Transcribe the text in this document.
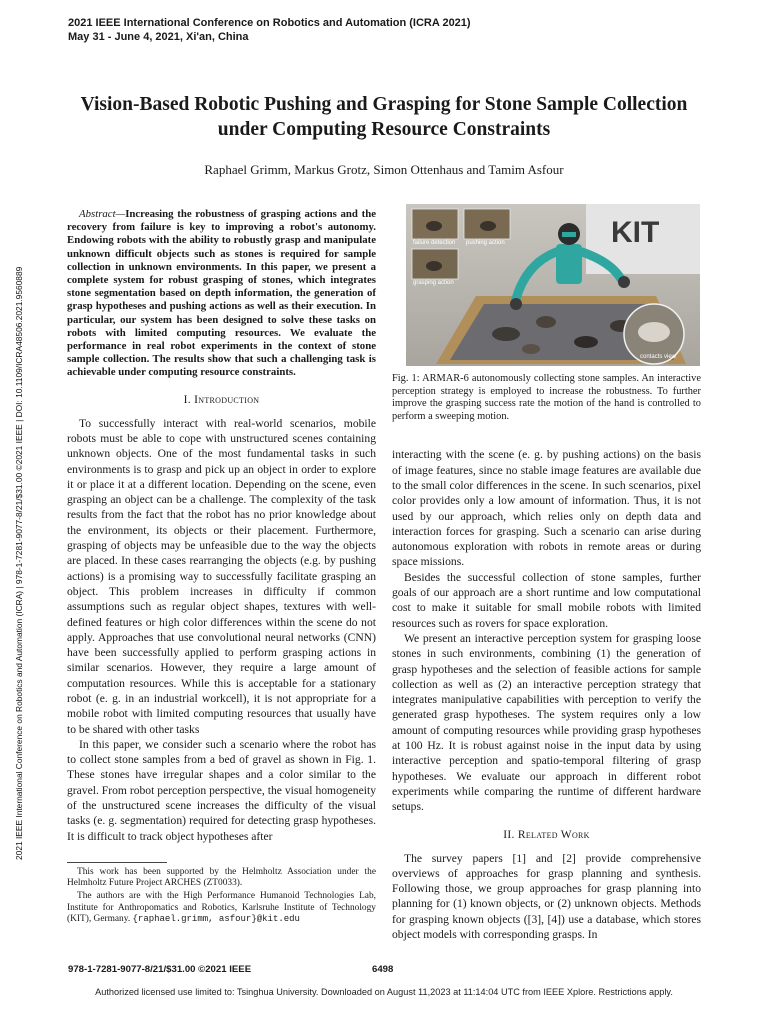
2021 IEEE International Conference on Robotics and Automation (ICRA 2021)
May 31 - June 4, 2021, Xi'an, China
2021 IEEE International Conference on Robotics and Automation (ICRA) | 978-1-7281-9077-8/21/$31.00 ©2021 IEEE | DOI: 10.1109/ICRA48506.2021.9560889
Vision-Based Robotic Pushing and Grasping for Stone Sample Collection under Computing Resource Constraints
Raphael Grimm, Markus Grotz, Simon Ottenhaus and Tamim Asfour

Abstract—Increasing the robustness of grasping actions and the recovery from failure is key to improving a robot's autonomy. Endowing robots with the ability to robustly grasp and manipulate unknown difficult objects such as stones is required for sample collection in unknown environments. In this paper, we present a complete system for robust grasping of stones, which integrates stone segmentation based on depth information, the generation of grasp hypotheses and pushing actions as well as their execution. In particular, our system has been designed to solve these tasks on robots with limited computing resources. We evaluate the performance in real robot experiments in the context of stone sample collection. The results show that such a challenging task is achievable under computing resource constraints.

I. Introduction

To successfully interact with real-world scenarios, mobile robots must be able to cope with unstructured scenes containing unknown objects. One of the most fundamental tasks in such environments is to grasp and pick up an object in order to explore it or place it at a different location. Depending on the scene, even grasping an object can be a challenge. The complexity of the task results from the fact that the robot has no prior knowledge about the environment, its objects or their placement. Furthermore, grasping of objects may be unfeasible due to the way the objects are placed. In these cases rearranging the objects (e.g. by pushing actions) is a promising way to successfully facilitate grasping an object. This problem increases in difficulty if common assumptions such as regular object shapes, textures with well-defined features or high color differences within the scene do not apply. Approaches that use convolutional neural networks (CNN) have been successfully applied to perform grasping actions in similar scenarios. However, they require a large amount of computation resources. While this is acceptable for a stationary robot (e. g. in an industrial workcell), it is not appropriate for a mobile robot with limited computing resources that usually have to be shared with other tasks

In this paper, we consider such a scenario where the robot has to collect stone samples from a bed of gravel as shown in Fig. 1. These stones have irregular shapes and a color similar to the gravel. From robot perception perspective, the visual homogeneity of the unstructured scene increases the difficulty of the visual tasks (e. g. segmentation) required for detecting grasp hypotheses. It is difficult to track object hypotheses after

This work has been supported by the Helmholtz Association under the Helmholtz Future Project ARCHES (ZT0033).

The authors are with the High Performance Humanoid Technologies Lab, Institute for Anthropomatics and Robotics, Karlsruhe Institute of Technology (KIT), Germany. {raphael.grimm, asfour}@kit.edu

KIT
failure detection pushing action
grasping action
contacts view

Fig. 1: ARMAR-6 autonomously collecting stone samples. An interactive perception strategy is employed to increase the robustness. To further improve the grasping success rate the motion of the hand is controlled to perform a sweeping motion.

interacting with the scene (e. g. by pushing actions) on the basis of image features, since no stable image features are available due to the small color differences in the scene. In such scenarios, pixel color provides only a low amount of information. Thus, it is not used by our approach, which relies only on depth data and interaction forces for grasping. Such a scenario can arise during autonomous exploration with robots in remote areas or during space missions.

Besides the successful collection of stone samples, further goals of our approach are a short runtime and low computational cost to make it suitable for small mobile robots with limited resources such as rovers for space exploration.

We present an interactive perception system for grasping loose stones in such environments, combining (1) the generation of grasp hypotheses and the selection of feasible actions for sample collection as well as (2) an interactive perception strategy that integrates manipulative capabilities with perception to verify the generated grasp hypotheses. The system requires only a low amount of computing resources while providing grasp hypotheses at 100 Hz. It is robust against noise in the input data by using interactive perception and spatio-temporal filtering of grasp hypotheses. We evaluate our approach in different robot experiments while comparing the runtime of different hardware setups.

II. Related Work

The survey papers [1] and [2] provide comprehensive overviews of approaches for grasp planning and synthesis. Following those, we group approaches for grasp planning into planning for (1) known objects, or (2) unknown objects. Methods for grasping known objects ([3], [4]) use a database, which stores object models with corresponding grasps. In

978-1-7281-9077-8/21/$31.00 ©2021 IEEE	6498
Authorized licensed use limited to: Tsinghua University. Downloaded on August 11,2023 at 11:14:04 UTC from IEEE Xplore. Restrictions apply.
